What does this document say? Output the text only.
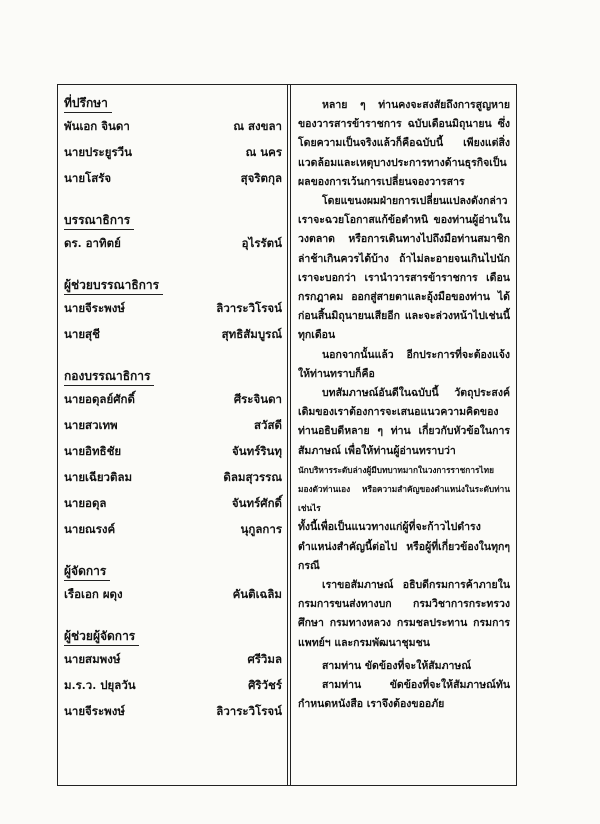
ที่ปรึกษา
พันเอก จินดา	ณ สงขลา
นายประยูรวีน	ณ นคร
นายโสรัจ	สุจริตกุล
บรรณาธิการ
ดร. อาทิตย์	อุไรรัตน์
ผู้ช่วยบรรณาธิการ
นายจีระพงษ์	ลิวาระวิโรจน์
นายสุชี	สุทธิสัมบูรณ์
กองบรรณาธิการ
นายอดุลย์ศักดิ์	ศีระจินดา
นายสวเทพ	สวัสดี
นายอิทธิชัย	จันทร์รินทุ
นายเฉียวติลม	ดิลมสุวรรณ
นายอดุล	จันทร์ศักดิ์
นายณรงค์	นุกูลการ
ผู้จัดการ
เรือเอก ผดุง	คันติเฉลิม
ผู้ช่วยผู้จัดการ
นายสมพงษ์	ศรีวิมล
ม.ร.ว. ปยุลวัน	ศิริวัชร์
นายจีระพงษ์	ลิวาระวิโรจน์

หลาย ๆ ท่านคงจะสงสัยถึงการสูญหายของวารสารข้าราชการ ฉบับเดือนมิถุนายน ซึ่งโดยความเป็นจริงแล้วก็คือฉบับนี้ เพียงแต่สิ่งแวดล้อมและเหตุบางประการทางด้านธุรกิจเป็นผลของการเว้นการเปลี่ยนจองวารสาร

โดยแขนงผมฝ่ายการเปลี่ยนแปลงดังกล่าว เราจะฉวยโอกาสแก้ข้อตำหนิ ของท่านผู้อ่านในวงตลาด หรือการเดินทางไปถึงมือท่านสมาชิกล่าช้าเกินควรได้บ้าง ถ้าไม่ละอายจนเกินไปนักเราจะบอกว่า เรานำวารสารข้าราชการ เดือนกรกฎาคม ออกสู่สายตาและอุ้งมือของท่าน ได้ก่อนสิ้นมิถุนายนเสียอีก และจะล่วงหน้าไปเช่นนี้ทุกเดือน

นอกจากนั้นแล้ว อีกประการที่จะต้องแจ้งให้ท่านทราบก็คือ

บทสัมภาษณ์อันดีในฉบับนี้ วัตถุประสงค์เดิมของเราต้องการจะเสนอแนวความคิดของท่านอธิบดีหลาย ๆ ท่าน เกี่ยวกับหัวข้อในการสัมภาษณ์ เพื่อให้ท่านผู้อ่านทราบว่า

นักบริหารระดับล่างผู้มีบทบาทมากในวงการราชการไทย มองตัวท่านเอง หรือความสำคัญของตำแหน่งในระดับท่านเช่นไร

ทั้งนี้เพื่อเป็นแนวทางแก่ผู้ที่จะก้าวไปดำรงตำแหน่งสำคัญนี้ต่อไป หรือผู้ที่เกี่ยวข้องในทุกๆกรณี

เราขอสัมภาษณ์ อธิบดีกรมการค้าภายใน กรมการขนส่งทางบก กรมวิชาการกระทรวงศึกษา กรมทางหลวง กรมชลประทาน กรมการแพทย์ฯ และกรมพัฒนาชุมชน

สามท่าน ขัดข้องที่จะให้สัมภาษณ์

สามท่าน ขัดข้องที่จะให้สัมภาษณ์ทันกำหนดหนังสือ เราจึงต้องขออภัย
